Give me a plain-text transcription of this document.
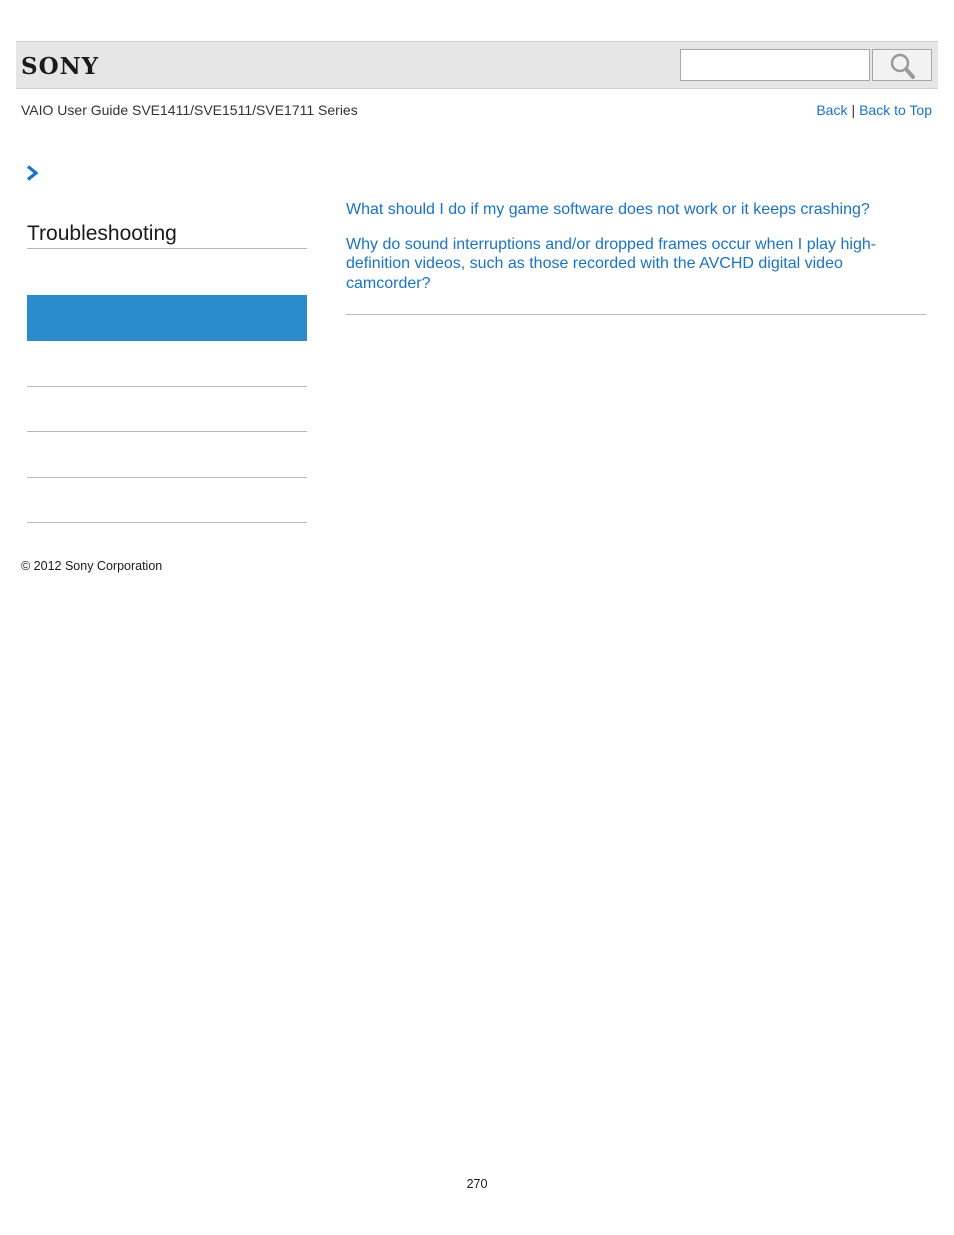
SONY
VAIO User Guide SVE1411/SVE1511/SVE1711 Series	Back | Back to Top
Troubleshooting
What should I do if my game software does not work or it keeps crashing?
Why do sound interruptions and/or dropped frames occur when I play high-definition videos, such as those recorded with the AVCHD digital video camcorder?
© 2012 Sony Corporation
270
